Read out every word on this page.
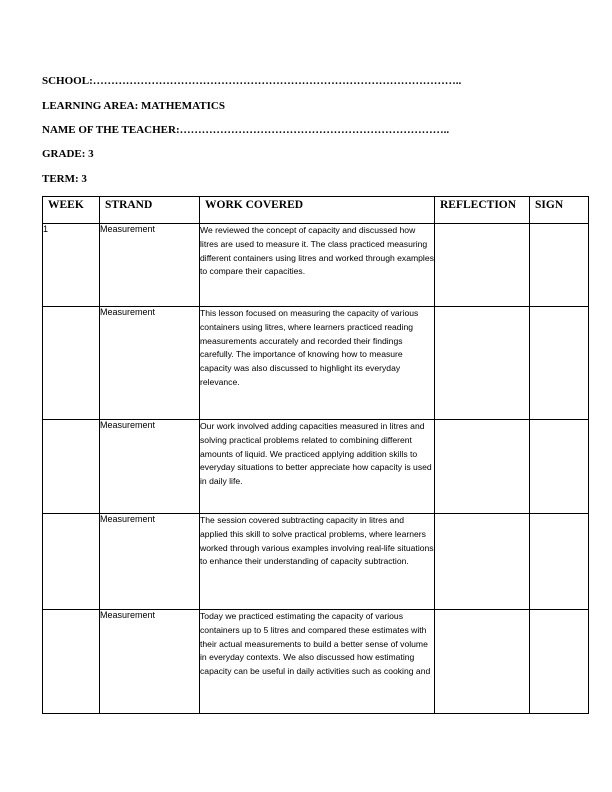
SCHOOL:………………………………………………………………………………………..
LEARNING AREA: MATHEMATICS
NAME OF THE TEACHER:………………………………………………………………..
GRADE: 3
TERM: 3
WEEK	STRAND	WORK COVERED	REFLECTION	SIGN
1	Measurement	We reviewed the concept of capacity and discussed how litres are used to measure it. The class practiced measuring different containers using litres and worked through examples to compare their capacities.		
	Measurement	This lesson focused on measuring the capacity of various containers using litres, where learners practiced reading measurements accurately and recorded their findings carefully. The importance of knowing how to measure capacity was also discussed to highlight its everyday relevance.		
	Measurement	Our work involved adding capacities measured in litres and solving practical problems related to combining different amounts of liquid. We practiced applying addition skills to everyday situations to better appreciate how capacity is used in daily life.		
	Measurement	The session covered subtracting capacity in litres and applied this skill to solve practical problems, where learners worked through various examples involving real-life situations to enhance their understanding of capacity subtraction.		
	Measurement	Today we practiced estimating the capacity of various containers up to 5 litres and compared these estimates with their actual measurements to build a better sense of volume in everyday contexts. We also discussed how estimating capacity can be useful in daily activities such as cooking and		
